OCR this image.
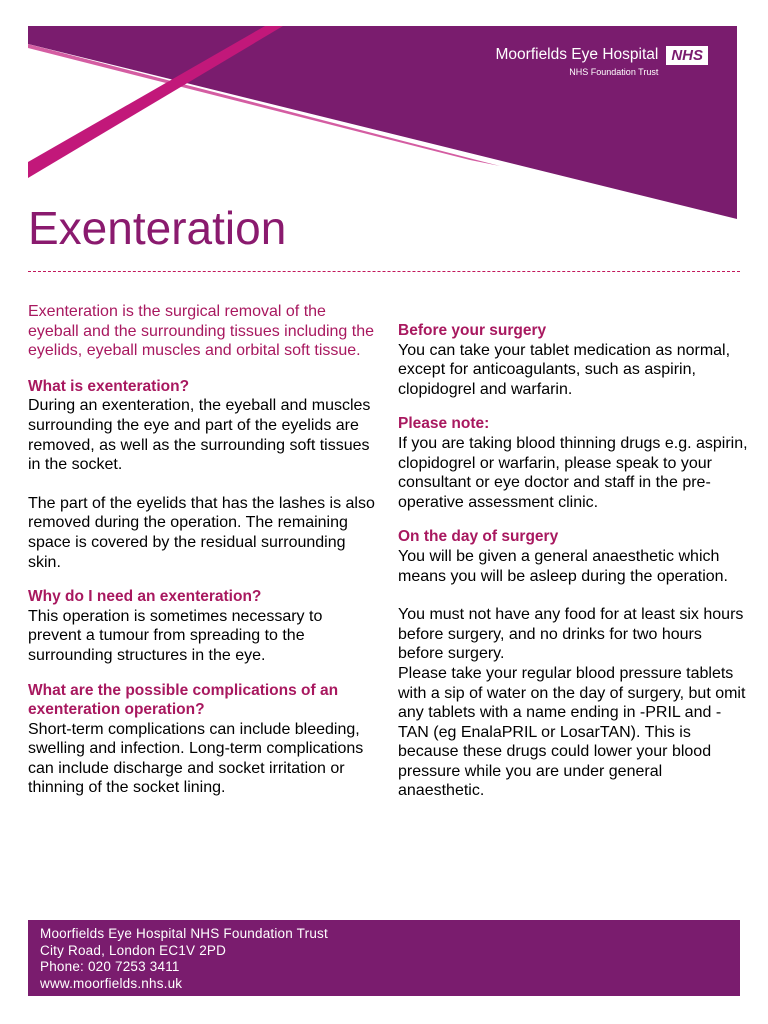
Moorfields Eye Hospital
NHS Foundation Trust
NHS
Exenteration

Exenteration is the surgical removal of the eyeball and the surrounding tissues including the eyelids, eyeball muscles and orbital soft tissue.

What is exenteration?

During an exenteration, the eyeball and muscles surrounding the eye and part of the eyelids are removed, as well as the surrounding soft tissues in the socket.

The part of the eyelids that has the lashes is also removed during the operation. The remaining space is covered by the residual surrounding skin.

Why do I need an exenteration?

This operation is sometimes necessary to prevent a tumour from spreading to the surrounding structures in the eye.

What are the possible complications of an exenteration operation?

Short-term complications can include bleeding, swelling and infection. Long-term complications can include discharge and socket irritation or thinning of the socket lining.

Before your surgery

You can take your tablet medication as normal, except for anticoagulants, such as aspirin, clopidogrel and warfarin.

Please note:

If you are taking blood thinning drugs e.g. aspirin, clopidogrel or warfarin, please speak to your consultant or eye doctor and staff in the pre-operative assessment clinic.

On the day of surgery

You will be given a general anaesthetic which means you will be asleep during the operation.

You must not have any food for at least six hours before surgery, and no drinks for two hours before surgery.

Please take your regular blood pressure tablets with a sip of water on the day of surgery, but omit any tablets with a name ending in -PRIL and -TAN (eg EnalaPRIL or LosarTAN). This is because these drugs could lower your blood pressure while you are under general anaesthetic.

Moorfields Eye Hospital NHS Foundation Trust
City Road, London EC1V 2PD
Phone: 020 7253 3411
www.moorfields.nhs.uk
